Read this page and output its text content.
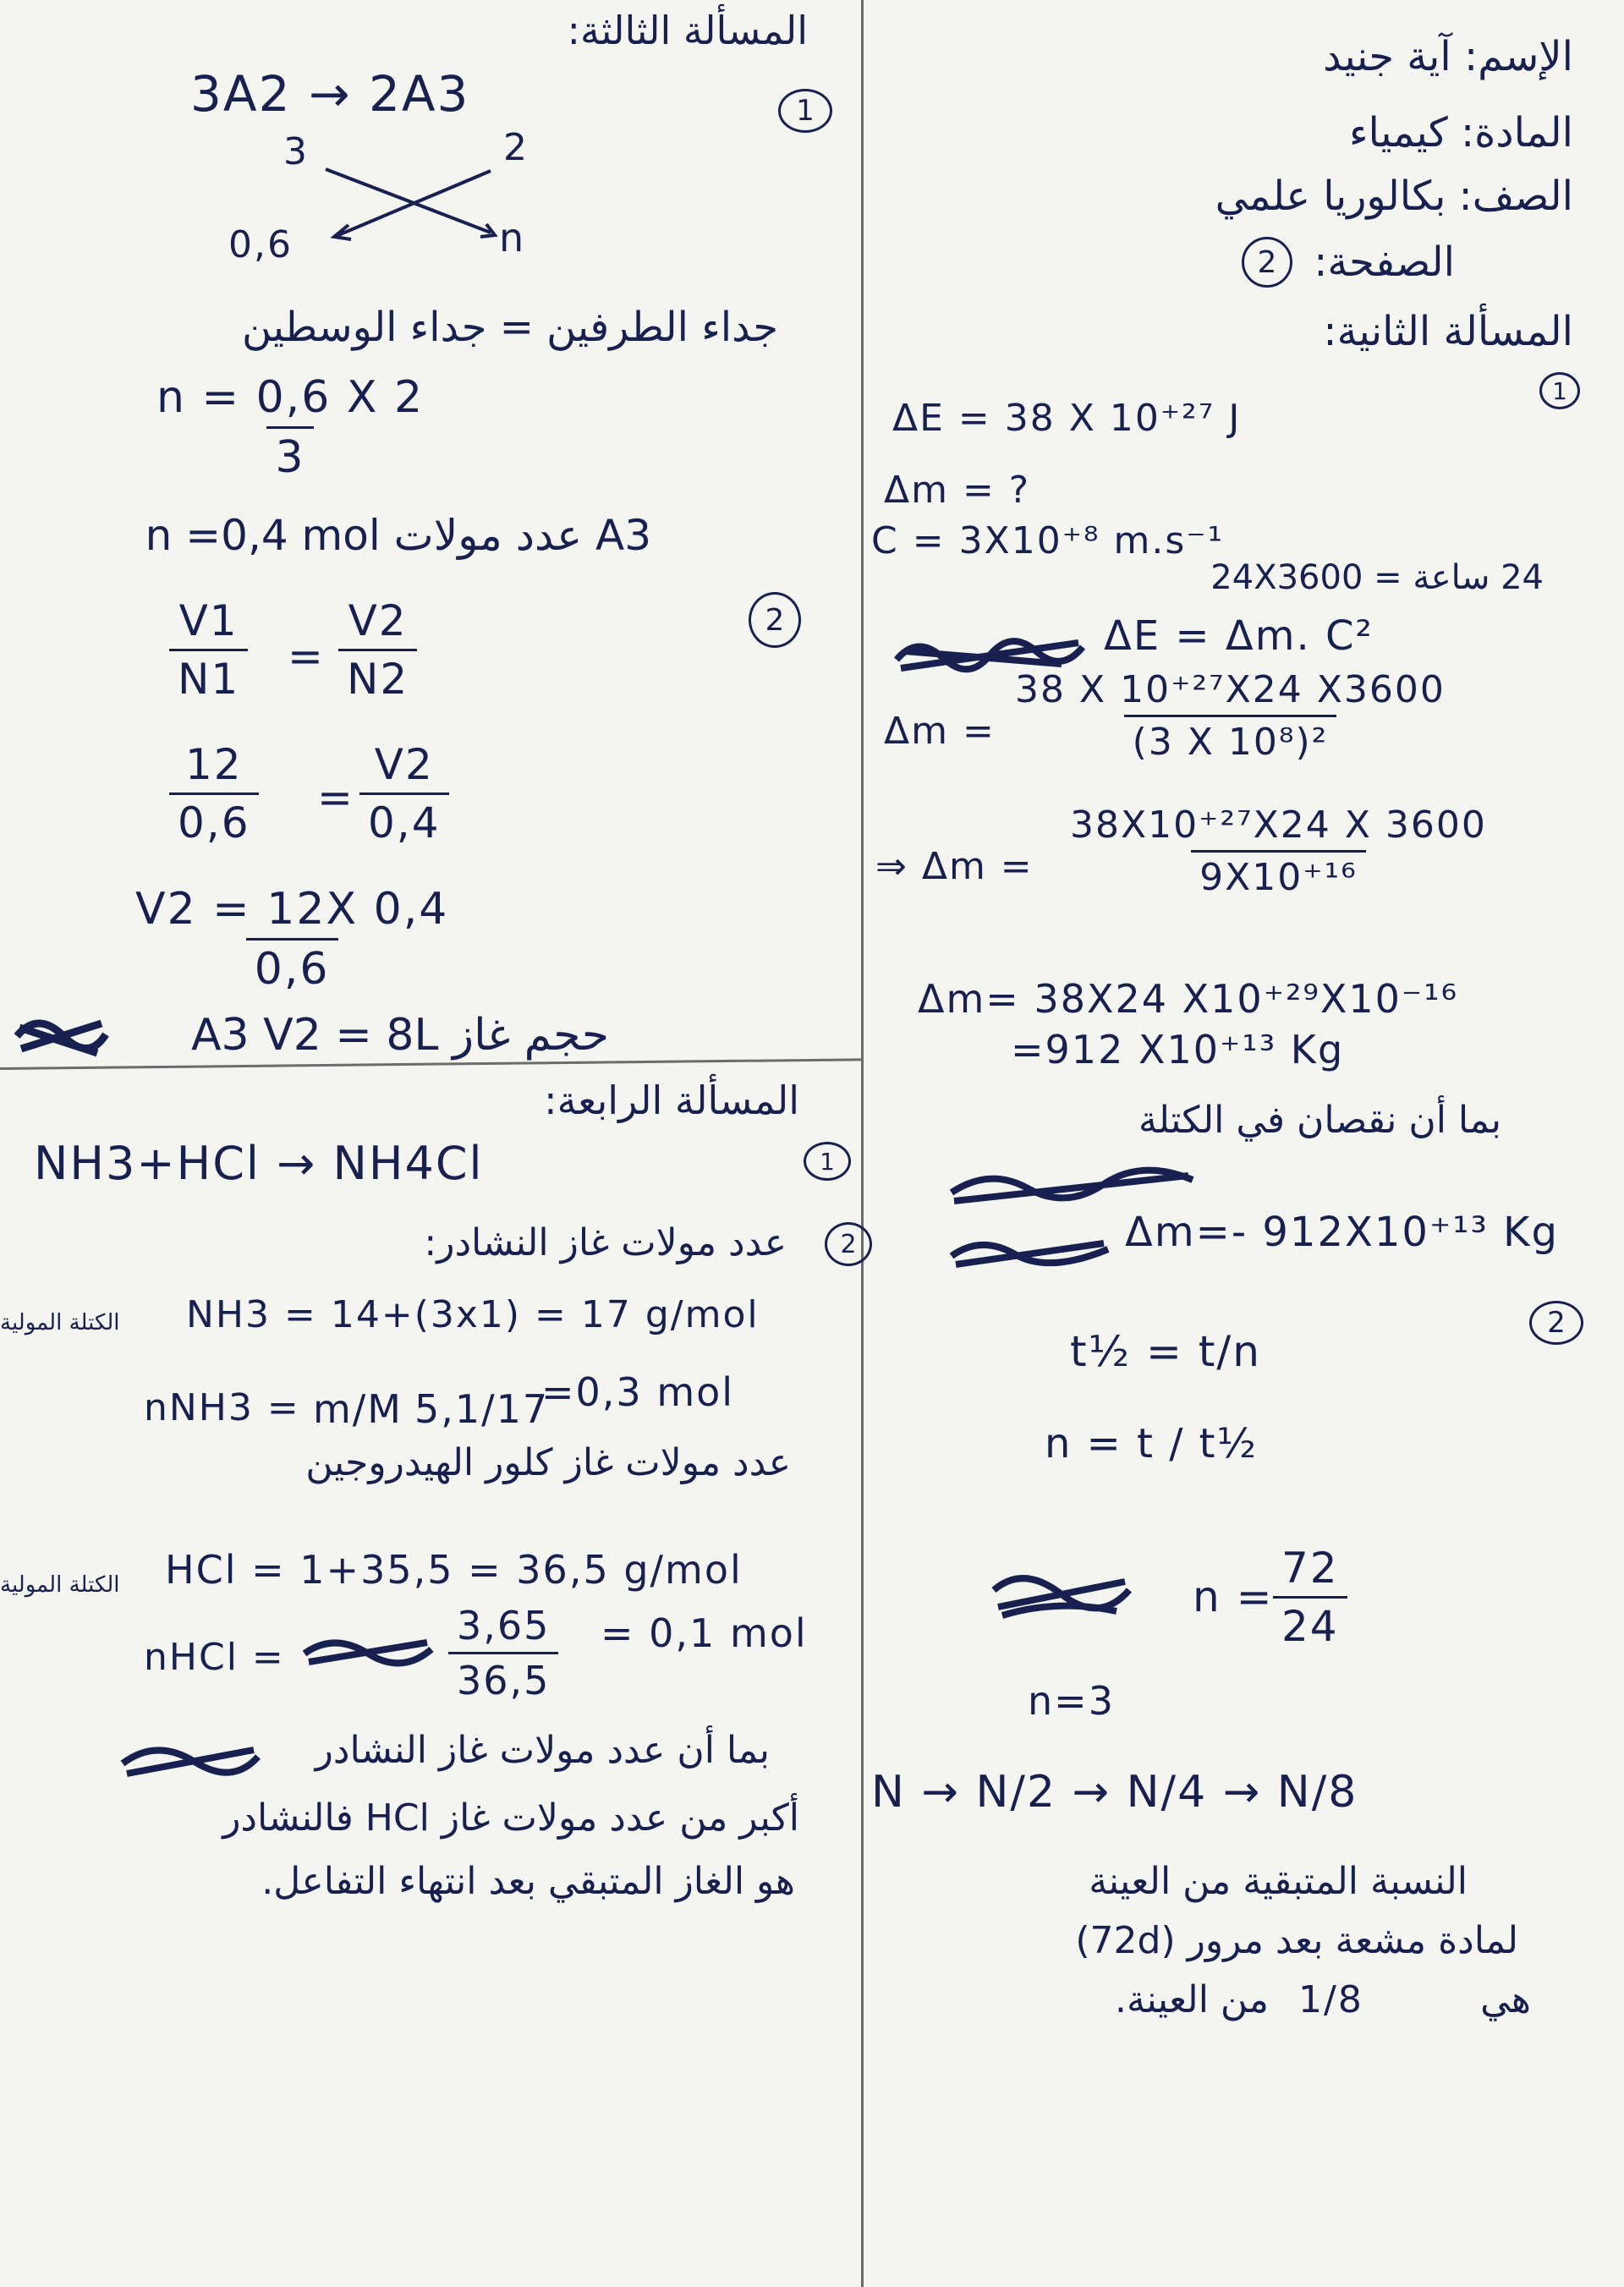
الإسم: آية جنيد
المادة: كيمياء
الصف: بكالوريا علمي
الصفحة:
2
المسألة الثانية:
1
ΔE = 38 X 10⁺²⁷ J
Δm = ?
C = 3X10⁺⁸ m.s⁻¹
24 ساعة = 24X3600
ΔE = Δm. C²
$\Delta m = \frac{\text{38 X 10⁺²⁷X24 X3600}}{\text{(3 X 10⁸)²}}$
⇒ $\Delta m = \frac{\text{38X10⁺²⁷X24 X 3600}}{\text{9X10⁺¹⁶}}$
Δm= 38X24 X10⁺²⁹X10⁻¹⁶
=912 X10⁺¹³ Kg
بما أن نقصان في الكتلة
Δm=- 912X10⁺¹³ Kg
2
t½ = t/n
n = t / t½
$n = \frac{72}{24}$
n=3
N → N/2 → N/4 → N/8
النسبة المتبقية من العينة
لمادة مشعة بعد مرور (72d)
هي
1/8
من العينة.
المسألة الثالثة:
3A2 → 2A3	1
3	2
0,6	n
جداء الطرفين = جداء الوسطين
$\frac{n = 0,6 X 2}{3}$
A3 عدد مولات n =0,4 mol
2
$\frac{V1}{N1} = \frac{V2}{N2}$
$\frac{12}{0,6} = \frac{V2}{0,4}$
$\frac{V2 = 12X 0,4}{0,6}$
حجم غاز A3 V2 = 8L
المسألة الرابعة:
NH3+HCl → NH4Cl	1
2
عدد مولات غاز النشادر:
الكتلة المولية NH3 = 14+(3x1) = 17 g/mol
nNH3 = m/M 5,1/17
=0,3 mol
عدد مولات غاز كلور الهيدروجين
الكتلة المولية HCl = 1+35,5 = 36,5 g/mol
nHCl =	$\frac{3,65}{36,5} = 0,1$ mol
بما أن عدد مولات غاز النشادر
أكبر من عدد مولات غاز HCl فالنشادر
هو الغاز المتبقي بعد انتهاء التفاعل.
